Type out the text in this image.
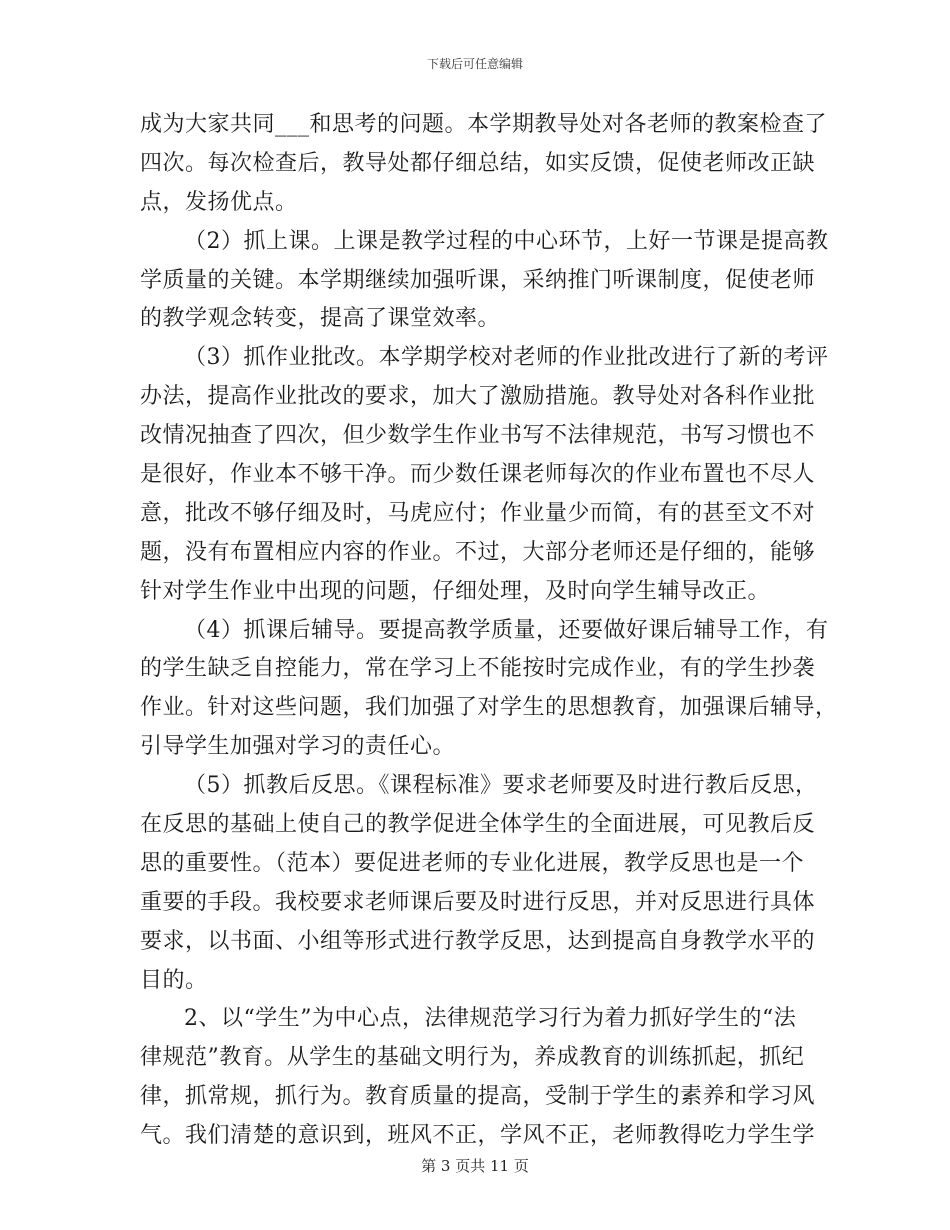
下载后可任意编辑
成为大家共同___和思考的问题。本学期教导处对各老师的教案检查了
四次。每次检查后，教导处都仔细总结，如实反馈，促使老师改正缺
点，发扬优点。
（2）抓上课。上课是教学过程的中心环节，上好一节课是提高教
学质量的关键。本学期继续加强听课，采纳推门听课制度，促使老师
的教学观念转变，提高了课堂效率。
（3）抓作业批改。本学期学校对老师的作业批改进行了新的考评
办法，提高作业批改的要求，加大了激励措施。教导处对各科作业批
改情况抽查了四次，但少数学生作业书写不法律规范，书写习惯也不
是很好，作业本不够干净。而少数任课老师每次的作业布置也不尽人
意，批改不够仔细及时，马虎应付；作业量少而简，有的甚至文不对
题，没有布置相应内容的作业。不过，大部分老师还是仔细的，能够
针对学生作业中出现的问题，仔细处理，及时向学生辅导改正。
（4）抓课后辅导。要提高教学质量，还要做好课后辅导工作，有
的学生缺乏自控能力，常在学习上不能按时完成作业，有的学生抄袭
作业。针对这些问题，我们加强了对学生的思想教育，加强课后辅导，
引导学生加强对学习的责任心。
（5）抓教后反思。《课程标准》要求老师要及时进行教后反思，
在反思的基础上使自己的教学促进全体学生的全面进展，可见教后反
思的重要性。（范本）要促进老师的专业化进展，教学反思也是一个
重要的手段。我校要求老师课后要及时进行反思，并对反思进行具体
要求，以书面、小组等形式进行教学反思，达到提高自身教学水平的
目的。
2、以“学生”为中心点，法律规范学习行为着力抓好学生的“法
律规范”教育。从学生的基础文明行为，养成教育的训练抓起，抓纪
律，抓常规，抓行为。教育质量的提高，受制于学生的素养和学习风
气。我们清楚的意识到，班风不正，学风不正，老师教得吃力学生学
第 3 页共 11 页
